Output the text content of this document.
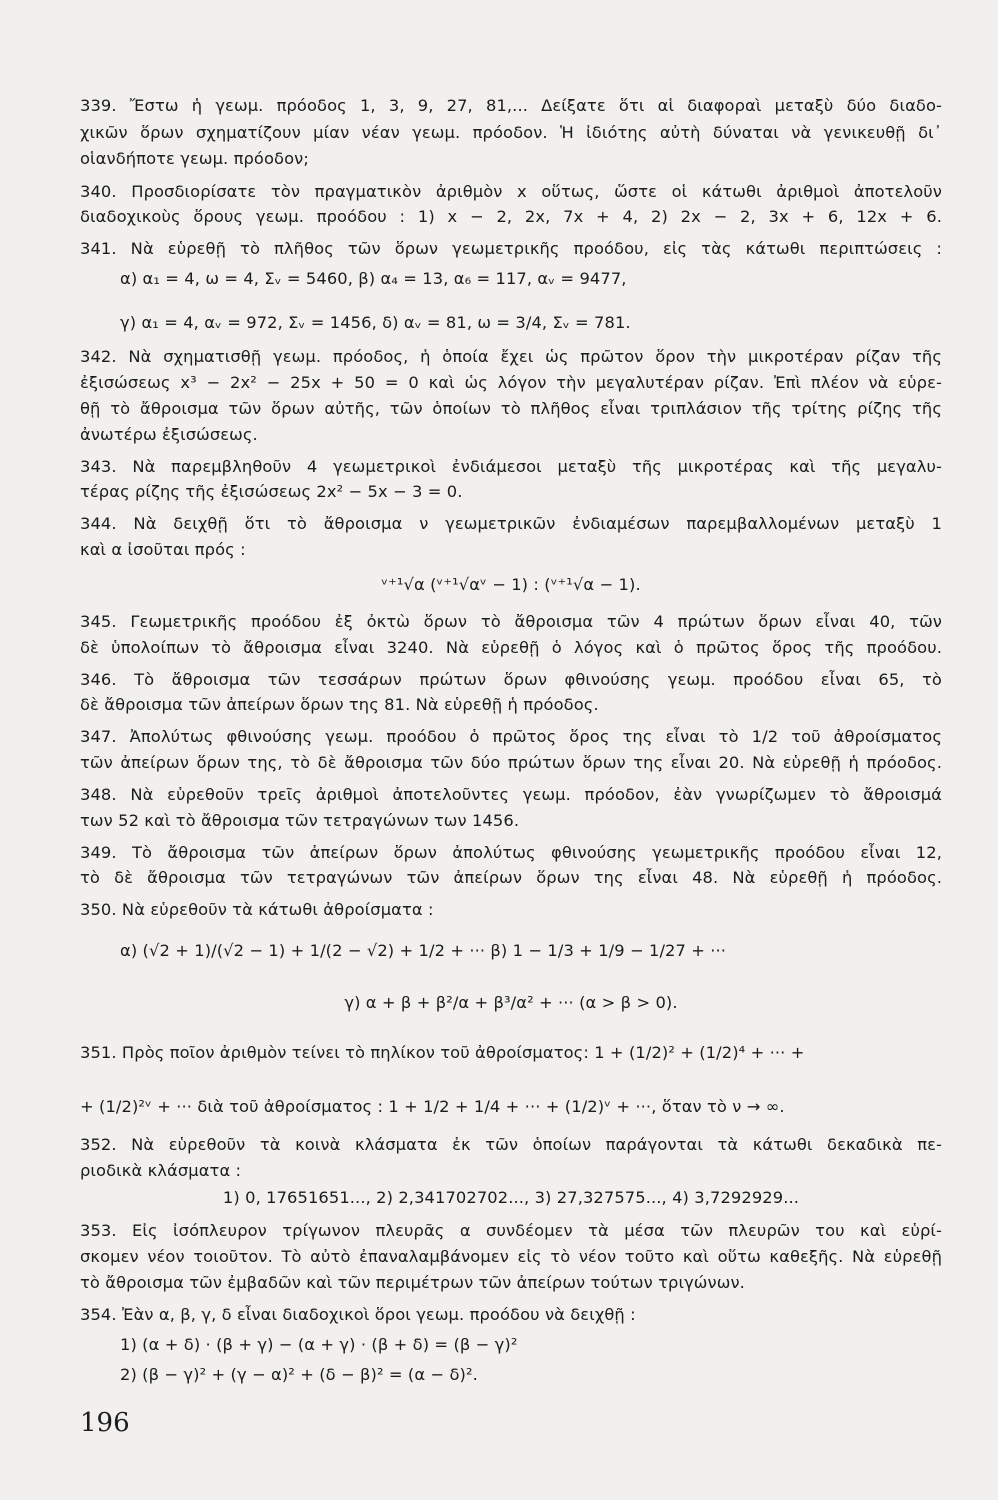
339. Ἔστω ἡ γεωμ. πρόοδος 1, 3, 9, 27, 81,... Δείξατε ὅτι αἱ διαφοραὶ μεταξὺ δύο διαδο-
χικῶν ὅρων σχηματίζουν μίαν νέαν γεωμ. πρόοδον. Ἡ ἰδιότης αὐτὴ δύναται νὰ γενικευθῇ δι᾽
οἱανδήποτε γεωμ. πρόοδον;
340. Προσδιορίσατε τὸν πραγματικὸν ἀριθμὸν x οὕτως, ὥστε οἱ κάτωθι ἀριθμοὶ ἀποτελοῦν
διαδοχικοὺς ὅρους γεωμ. προόδου : 1) x − 2, 2x, 7x + 4, 2) 2x − 2, 3x + 6, 12x + 6.
341. Νὰ εὑρεθῇ τὸ πλῆθος τῶν ὅρων γεωμετρικῆς προόδου, εἰς τὰς κάτωθι περιπτώσεις :
α) α₁ = 4, ω = 4, Σᵥ = 5460, β) α₄ = 13, α₆ = 117, αᵥ = 9477,
γ) α₁ = 4, αᵥ = 972, Σᵥ = 1456, δ) αᵥ = 81, ω = 3/4, Σᵥ = 781.
342. Νὰ σχηματισθῇ γεωμ. πρόοδος, ἡ ὁποία ἔχει ὡς πρῶτον ὅρον τὴν μικροτέραν ρίζαν τῆς
ἐξισώσεως x³ − 2x² − 25x + 50 = 0 καὶ ὡς λόγον τὴν μεγαλυτέραν ρίζαν. Ἐπὶ πλέον νὰ εὑρε-
θῇ τὸ ἄθροισμα τῶν ὅρων αὐτῆς, τῶν ὁποίων τὸ πλῆθος εἶναι τριπλάσιον τῆς τρίτης ρίζης τῆς
ἀνωτέρω ἐξισώσεως.
343. Νὰ παρεμβληθοῦν 4 γεωμετρικοὶ ἐνδιάμεσοι μεταξὺ τῆς μικροτέρας καὶ τῆς μεγαλυ-
τέρας ρίζης τῆς ἐξισώσεως 2x² − 5x − 3 = 0.
344. Νὰ δειχθῇ ὅτι τὸ ἄθροισμα ν γεωμετρικῶν ἐνδιαμέσων παρεμβαλλομένων μεταξὺ 1
καὶ α ἰσοῦται πρός :
ᵛ⁺¹√α (ᵛ⁺¹√αᵛ − 1) : (ᵛ⁺¹√α − 1).
345. Γεωμετρικῆς προόδου ἐξ ὀκτὼ ὅρων τὸ ἄθροισμα τῶν 4 πρώτων ὅρων εἶναι 40, τῶν
δὲ ὑπολοίπων τὸ ἄθροισμα εἶναι 3240. Νὰ εὑρεθῇ ὁ λόγος καὶ ὁ πρῶτος ὅρος τῆς προόδου.
346. Τὸ ἄθροισμα τῶν τεσσάρων πρώτων ὅρων φθινούσης γεωμ. προόδου εἶναι 65, τὸ
δὲ ἄθροισμα τῶν ἀπείρων ὅρων της 81. Νὰ εὑρεθῇ ἡ πρόοδος.
347. Ἀπολύτως φθινούσης γεωμ. προόδου ὁ πρῶτος ὅρος της εἶναι τὸ 1/2 τοῦ ἀθροίσματος
τῶν ἀπείρων ὅρων της, τὸ δὲ ἄθροισμα τῶν δύο πρώτων ὅρων της εἶναι 20. Νὰ εὑρεθῇ ἡ πρόοδος.
348. Νὰ εὑρεθοῦν τρεῖς ἀριθμοὶ ἀποτελοῦντες γεωμ. πρόοδον, ἐὰν γνωρίζωμεν τὸ ἄθροισμά
των 52 καὶ τὸ ἄθροισμα τῶν τετραγώνων των 1456.
349. Τὸ ἄθροισμα τῶν ἀπείρων ὅρων ἀπολύτως φθινούσης γεωμετρικῆς προόδου εἶναι 12,
τὸ δὲ ἄθροισμα τῶν τετραγώνων τῶν ἀπείρων ὅρων της εἶναι 48. Νὰ εὑρεθῇ ἡ πρόοδος.
350. Νὰ εὑρεθοῦν τὰ κάτωθι ἀθροίσματα :
α) (√2 + 1)/(√2 − 1) + 1/(2 − √2) + 1/2 + ··· β) 1 − 1/3 + 1/9 − 1/27 + ···
γ) α + β + β²/α + β³/α² + ··· (α > β > 0).
351. Πρὸς ποῖον ἀριθμὸν τείνει τὸ πηλίκον τοῦ ἀθροίσματος: 1 + (1/2)² + (1/2)⁴ + ··· +
+ (1/2)²ᵛ + ··· διὰ τοῦ ἀθροίσματος : 1 + 1/2 + 1/4 + ··· + (1/2)ᵛ + ···, ὅταν τὸ ν → ∞.
352. Νὰ εὑρεθοῦν τὰ κοινὰ κλάσματα ἐκ τῶν ὁποίων παράγονται τὰ κάτωθι δεκαδικὰ πε-
ριοδικὰ κλάσματα :
1) 0, 17651651..., 2) 2,341702702..., 3) 27,327575..., 4) 3,7292929...
353. Εἰς ἰσόπλευρον τρίγωνον πλευρᾶς α συνδέομεν τὰ μέσα τῶν πλευρῶν του καὶ εὑρί-
σκομεν νέον τοιοῦτον. Τὸ αὐτὸ ἐπαναλαμβάνομεν εἰς τὸ νέον τοῦτο καὶ οὕτω καθεξῆς. Νὰ εὑρεθῇ
τὸ ἄθροισμα τῶν ἐμβαδῶν καὶ τῶν περιμέτρων τῶν ἀπείρων τούτων τριγώνων.
354. Ἐὰν α, β, γ, δ εἶναι διαδοχικοὶ ὅροι γεωμ. προόδου νὰ δειχθῇ :
1) (α + δ) · (β + γ) − (α + γ) · (β + δ) = (β − γ)²
2) (β − γ)² + (γ − α)² + (δ − β)² = (α − δ)².
196
